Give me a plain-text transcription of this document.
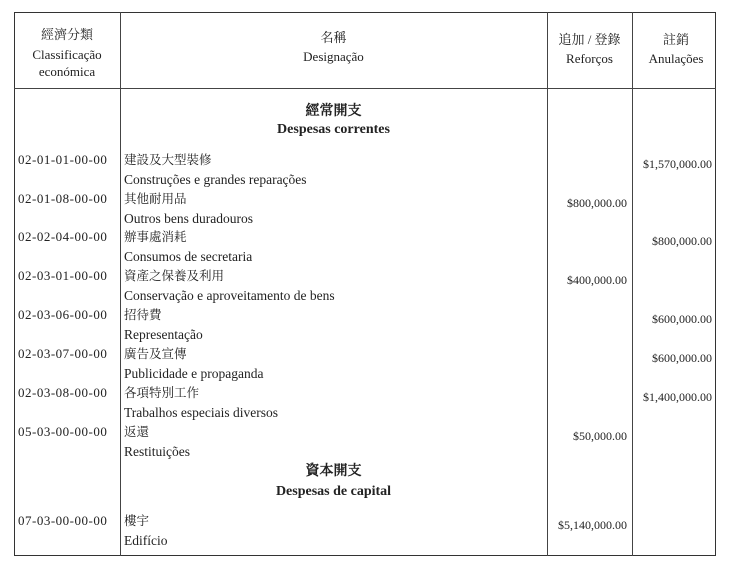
經濟分類
Classificação
económica
名稱
Designação
追加 / 登錄
Reforços
註銷
Anulações
經常開支
Despesas correntes
02-01-01-00-00 建設及大型裝修
Construções e grandes reparações
$1,570,000.00
02-01-08-00-00 其他耐用品
Outros bens duradouros
$800,000.00
02-02-04-00-00 辦事處消耗
Consumos de secretaria
$800,000.00
02-03-01-00-00 資產之保養及利用
Conservação e aproveitamento de bens
$400,000.00
02-03-06-00-00 招待費
Representação
$600,000.00
02-03-07-00-00 廣告及宣傳
Publicidade e propaganda
$600,000.00
02-03-08-00-00 各項特別工作
Trabalhos especiais diversos
$1,400,000.00
05-03-00-00-00 返還
Restituições
$50,000.00
資本開支
Despesas de capital
07-03-00-00-00 樓宇
Edifício
$5,140,000.00
